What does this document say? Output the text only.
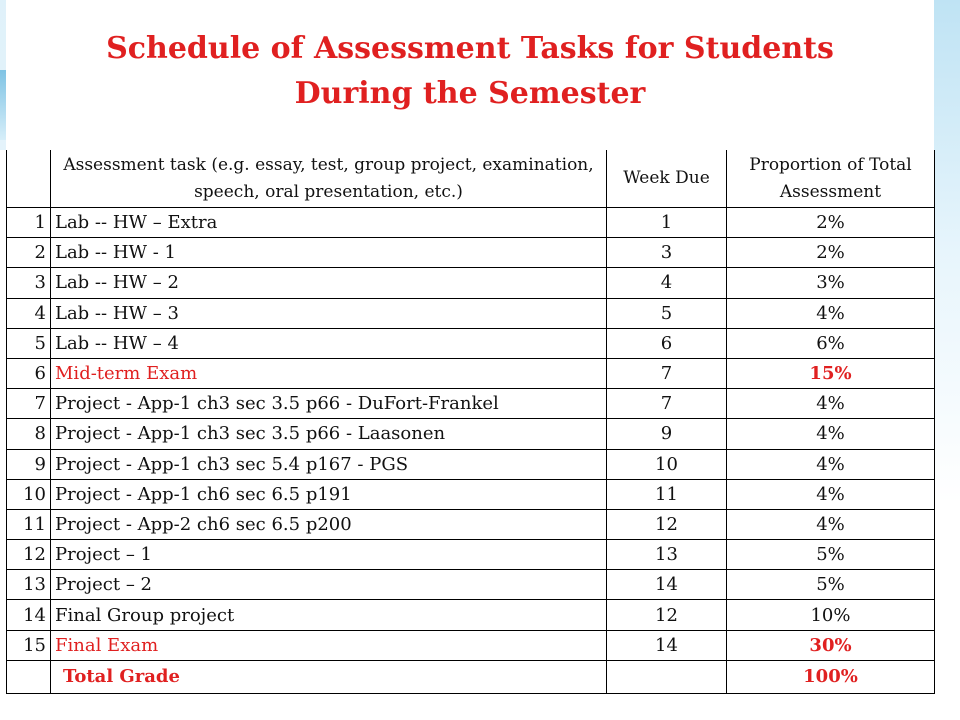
Schedule of Assessment Tasks for Students
During the Semester
	Assessment task (e.g. essay, test, group project, examination, speech, oral presentation, etc.)	Week Due	Proportion of Total Assessment
1	Lab -- HW – Extra	1	2%
2	Lab -- HW - 1	3	2%
3	Lab -- HW – 2	4	3%
4	Lab -- HW – 3	5	4%
5	Lab -- HW – 4	6	6%
6	Mid-term Exam	7	15%
7	Project - App-1 ch3 sec 3.5 p66 - DuFort-Frankel	7	4%
8	Project - App-1 ch3 sec 3.5 p66 - Laasonen	9	4%
9	Project - App-1 ch3 sec 5.4 p167 - PGS	10	4%
10	Project - App-1 ch6 sec 6.5 p191	11	4%
11	Project - App-2 ch6 sec 6.5 p200	12	4%
12	Project – 1	13	5%
13	Project – 2	14	5%
14	Final Group project	12	10%
15	Final Exam	14	30%
	Total Grade		100%
